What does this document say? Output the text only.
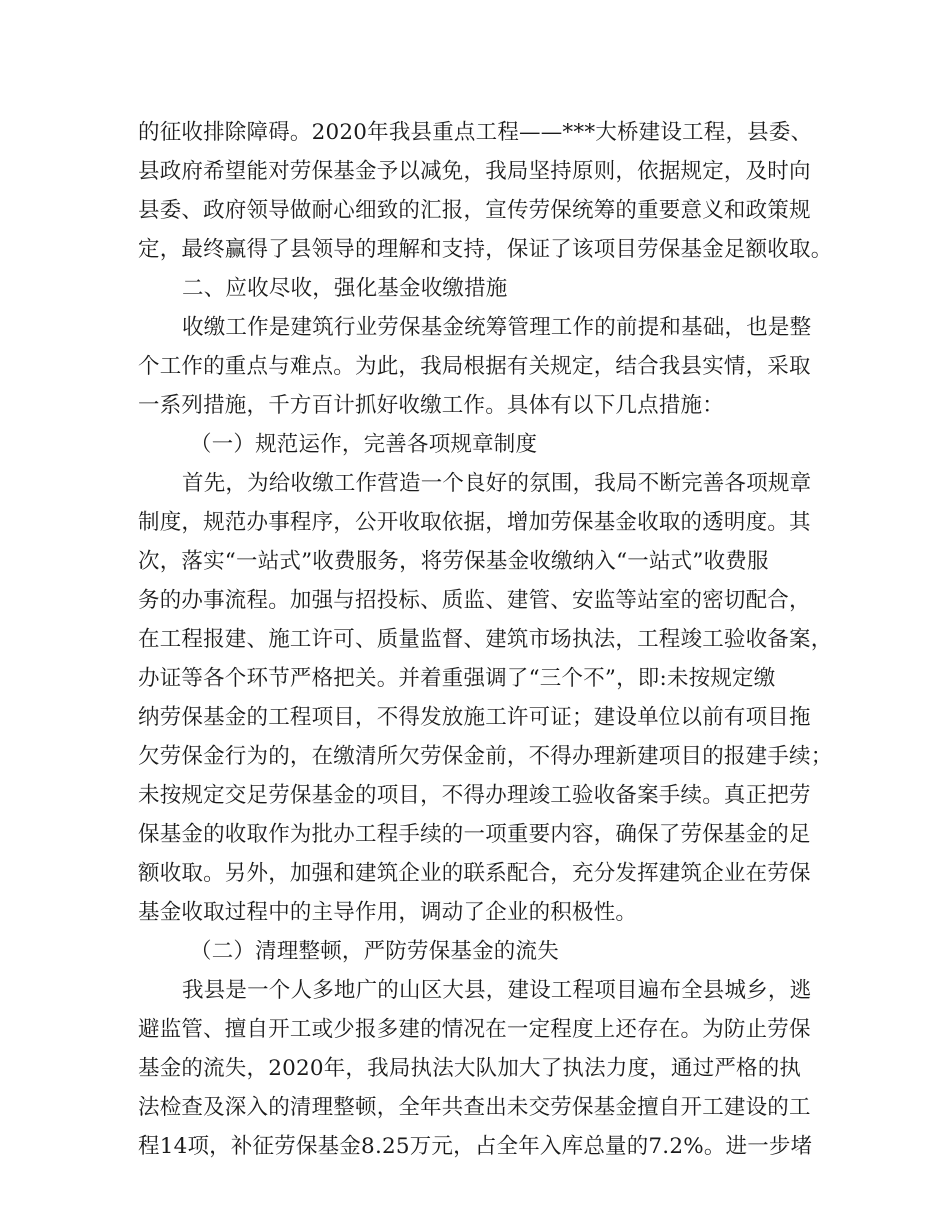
的征收排除障碍。2020年我县重点工程——***大桥建设工程，县委、
县政府希望能对劳保基金予以减免，我局坚持原则，依据规定，及时向
县委、政府领导做耐心细致的汇报，宣传劳保统筹的重要意义和政策规
定，最终赢得了县领导的理解和支持，保证了该项目劳保基金足额收取。
二、应收尽收，强化基金收缴措施
收缴工作是建筑行业劳保基金统筹管理工作的前提和基础，也是整
个工作的重点与难点。为此，我局根据有关规定，结合我县实情，采取
一系列措施，千方百计抓好收缴工作。具体有以下几点措施：
（一）规范运作，完善各项规章制度
首先，为给收缴工作营造一个良好的氛围，我局不断完善各项规章
制度，规范办事程序，公开收取依据，增加劳保基金收取的透明度。其
次，落实“一站式”收费服务，将劳保基金收缴纳入“一站式”收费服
务的办事流程。加强与招投标、质监、建管、安监等站室的密切配合，
在工程报建、施工许可、质量监督、建筑市场执法，工程竣工验收备案，
办证等各个环节严格把关。并着重强调了“三个不”，即:未按规定缴
纳劳保基金的工程项目，不得发放施工许可证；建设单位以前有项目拖
欠劳保金行为的，在缴清所欠劳保金前，不得办理新建项目的报建手续；
未按规定交足劳保基金的项目，不得办理竣工验收备案手续。真正把劳
保基金的收取作为批办工程手续的一项重要内容，确保了劳保基金的足
额收取。另外，加强和建筑企业的联系配合，充分发挥建筑企业在劳保
基金收取过程中的主导作用，调动了企业的积极性。
（二）清理整顿，严防劳保基金的流失
我县是一个人多地广的山区大县，建设工程项目遍布全县城乡，逃
避监管、擅自开工或少报多建的情况在一定程度上还存在。为防止劳保
基金的流失，2020年，我局执法大队加大了执法力度，通过严格的执
法检查及深入的清理整顿，全年共查出未交劳保基金擅自开工建设的工
程14项，补征劳保基金8.25万元，占全年入库总量的7.2%。进一步堵
